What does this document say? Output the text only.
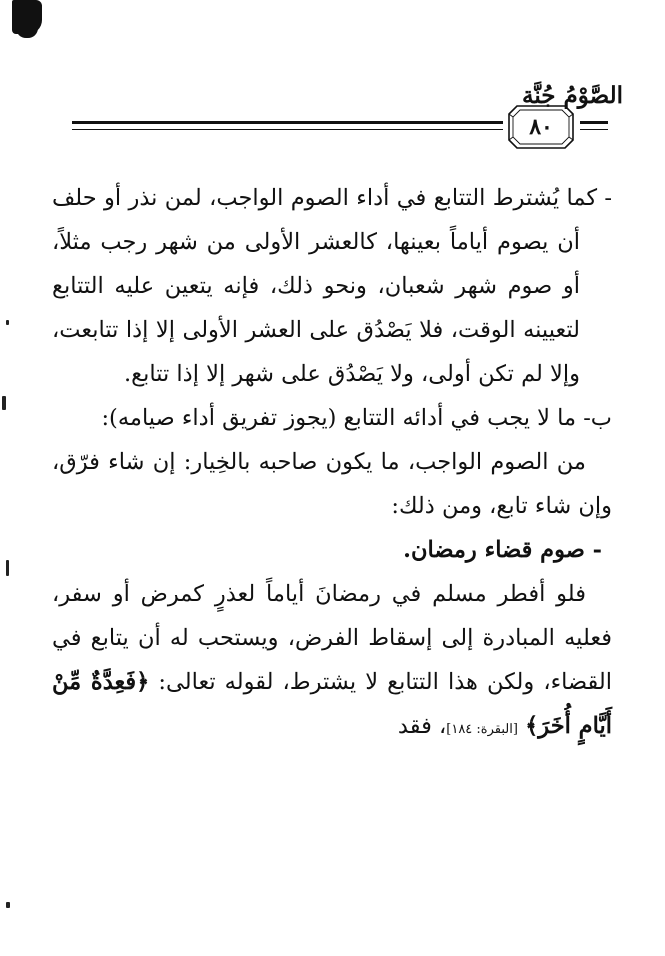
الصَّوْمُ جُنَّة
٨٠

- كما يُشترط التتابع في أداء الصوم الواجب، لمن نذر أو حلف أن يصوم أياماً بعينها، كالعشر الأولى من شهر رجب مثلاً، أو صوم شهر شعبان، ونحو ذلك، فإنه يتعين عليه التتابع لتعيينه الوقت، فلا يَصْدُق على العشر الأولى إلا إذا تتابعت، وإلا لم تكن أولى، ولا يَصْدُق على شهر إلا إذا تتابع.

ب- ما لا يجب في أدائه التتابع (يجوز تفريق أداء صيامه):

من الصوم الواجب، ما يكون صاحبه بالخِيار: إن شاء فرّق، وإن شاء تابع، ومن ذلك:

- صوم قضاء رمضان.

فلو أفطر مسلم في رمضانَ أياماً لعذرٍ كمرض أو سفر، فعليه المبادرة إلى إسقاط الفرض، ويستحب له أن يتابع في القضاء، ولكن هذا التتابع لا يشترط، لقوله تعالى: ﴿فَعِدَّةٌ مِّنْ أَيَّامٍ أُخَرَ﴾ [البقرة: ١٨٤]، فقد
